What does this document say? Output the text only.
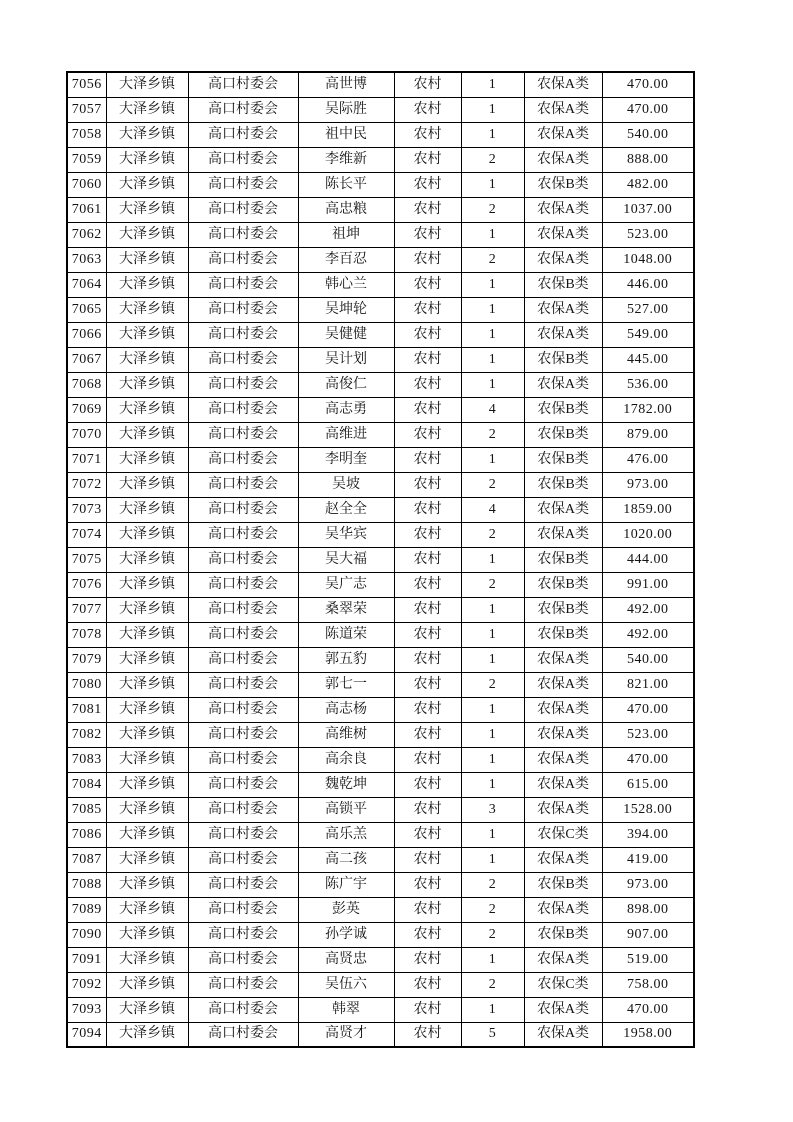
7056	大泽乡镇	高口村委会	高世博	农村	1	农保A类	470.00
7057	大泽乡镇	高口村委会	吴际胜	农村	1	农保A类	470.00
7058	大泽乡镇	高口村委会	祖中民	农村	1	农保A类	540.00
7059	大泽乡镇	高口村委会	李维新	农村	2	农保A类	888.00
7060	大泽乡镇	高口村委会	陈长平	农村	1	农保B类	482.00
7061	大泽乡镇	高口村委会	高忠粮	农村	2	农保A类	1037.00
7062	大泽乡镇	高口村委会	祖坤	农村	1	农保A类	523.00
7063	大泽乡镇	高口村委会	李百忍	农村	2	农保A类	1048.00
7064	大泽乡镇	高口村委会	韩心兰	农村	1	农保B类	446.00
7065	大泽乡镇	高口村委会	吴坤轮	农村	1	农保A类	527.00
7066	大泽乡镇	高口村委会	吴健健	农村	1	农保A类	549.00
7067	大泽乡镇	高口村委会	吴计划	农村	1	农保B类	445.00
7068	大泽乡镇	高口村委会	高俊仁	农村	1	农保A类	536.00
7069	大泽乡镇	高口村委会	高志勇	农村	4	农保B类	1782.00
7070	大泽乡镇	高口村委会	高维进	农村	2	农保B类	879.00
7071	大泽乡镇	高口村委会	李明奎	农村	1	农保B类	476.00
7072	大泽乡镇	高口村委会	吴坡	农村	2	农保B类	973.00
7073	大泽乡镇	高口村委会	赵全全	农村	4	农保A类	1859.00
7074	大泽乡镇	高口村委会	吴华宾	农村	2	农保A类	1020.00
7075	大泽乡镇	高口村委会	吴大福	农村	1	农保B类	444.00
7076	大泽乡镇	高口村委会	吴广志	农村	2	农保B类	991.00
7077	大泽乡镇	高口村委会	桑翠荣	农村	1	农保B类	492.00
7078	大泽乡镇	高口村委会	陈道荣	农村	1	农保B类	492.00
7079	大泽乡镇	高口村委会	郭五豹	农村	1	农保A类	540.00
7080	大泽乡镇	高口村委会	郭七一	农村	2	农保A类	821.00
7081	大泽乡镇	高口村委会	高志杨	农村	1	农保A类	470.00
7082	大泽乡镇	高口村委会	高维树	农村	1	农保A类	523.00
7083	大泽乡镇	高口村委会	高余良	农村	1	农保A类	470.00
7084	大泽乡镇	高口村委会	魏乾坤	农村	1	农保A类	615.00
7085	大泽乡镇	高口村委会	高锁平	农村	3	农保A类	1528.00
7086	大泽乡镇	高口村委会	高乐羔	农村	1	农保C类	394.00
7087	大泽乡镇	高口村委会	高二孩	农村	1	农保A类	419.00
7088	大泽乡镇	高口村委会	陈广宇	农村	2	农保B类	973.00
7089	大泽乡镇	高口村委会	彭英	农村	2	农保A类	898.00
7090	大泽乡镇	高口村委会	孙学诚	农村	2	农保B类	907.00
7091	大泽乡镇	高口村委会	高贤忠	农村	1	农保A类	519.00
7092	大泽乡镇	高口村委会	吴伍六	农村	2	农保C类	758.00
7093	大泽乡镇	高口村委会	韩翠	农村	1	农保A类	470.00
7094	大泽乡镇	高口村委会	高贤才	农村	5	农保A类	1958.00
